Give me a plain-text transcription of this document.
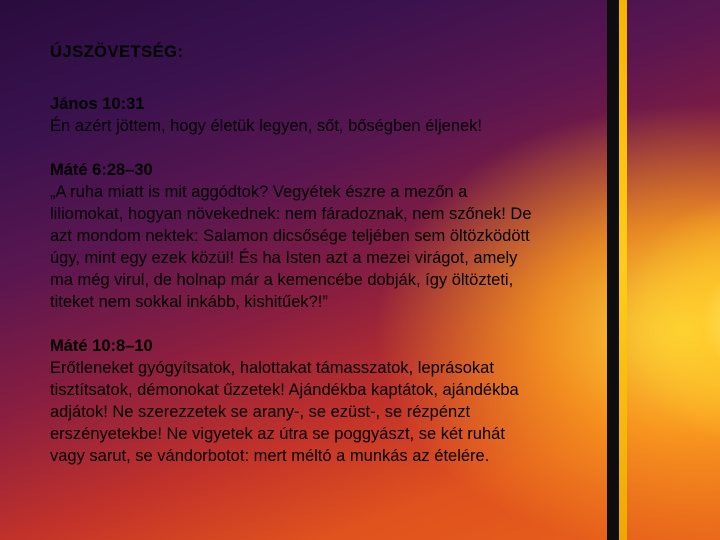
ÚJSZÖVETSÉG:
János 10:31
Én azért jöttem, hogy életük legyen, sőt, bőségben éljenek!
Máté 6:28–30
„A ruha miatt is mit aggódtok? Vegyétek észre a mezőn a
liliomokat, hogyan növekednek: nem fáradoznak, nem szőnek! De
azt mondom nektek: Salamon dicsősége teljében sem öltözködött
úgy, mint egy ezek közül! És ha Isten azt a mezei virágot, amely
ma még virul, de holnap már a kemencébe dobják, így öltözteti,
titeket nem sokkal inkább, kishitűek?!”
Máté 10:8–10
Erőtleneket gyógyítsatok, halottakat támasszatok, leprásokat
tisztítsatok, démonokat űzzetek! Ajándékba kaptátok, ajándékba
adjátok! Ne szerezzetek se arany-, se ezüst-, se rézpénzt
erszényetekbe! Ne vigyetek az útra se poggyászt, se két ruhát
vagy sarut, se vándorbotot: mert méltó a munkás az ételére.
